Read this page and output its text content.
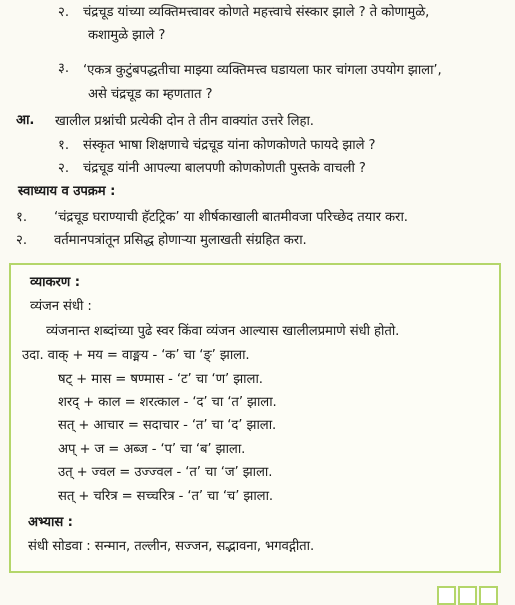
२. चंद्रचूड यांच्या व्यक्तिमत्त्वावर कोणते महत्त्वाचे संस्कार झाले ? ते कोणामुळे,
कशामुळे झाले ?
३. ‘एकत्र कुटुंबपद्धतीचा माझ्या व्यक्तिमत्त्व घडायला फार चांगला उपयोग झाला’,
असे चंद्रचूड का म्हणतात ?
आ. खालील प्रश्नांची प्रत्येकी दोन ते तीन वाक्यांत उत्तरे लिहा.
१. संस्कृत भाषा शिक्षणाचे चंद्रचूड यांना कोणकोणते फायदे झाले ?
२. चंद्रचूड यांनी आपल्या बालपणी कोणकोणती पुस्तके वाचली ?
स्वाध्याय व उपक्रम :
१. ‘चंद्रचूड घराण्याची हॅटट्रिक’ या शीर्षकाखाली बातमीवजा परिच्छेद तयार करा.
२. वर्तमानपत्रांतून प्रसिद्ध होणाऱ्या मुलाखती संग्रहित करा.
व्याकरण :
व्यंजन संधी :
व्यंजनान्त शब्दांच्या पुढे स्वर किंवा व्यंजन आल्यास खालीलप्रमाणे संधी होतो.
उदा. वाक् + मय = वाङ्मय - ‘क’ चा ‘ङ्’ झाला.
षट् + मास = षण्मास - ‘ट’ चा ‘ण’ झाला.
शरद् + काल = शरत्काल - ‘द’ चा ‘त’ झाला.
सत् + आचार = सदाचार - ‘त’ चा ‘द’ झाला.
अप् + ज = अब्ज - ‘प’ चा ‘ब’ झाला.
उत् + ज्वल = उज्ज्वल - ‘त’ चा ‘ज’ झाला.
सत् + चरित्र = सच्चरित्र - ‘त’ चा ‘च’ झाला.
अभ्यास :
संधी सोडवा : सन्मान, तल्लीन, सज्जन, सद्भावना, भगवद्गीता.
